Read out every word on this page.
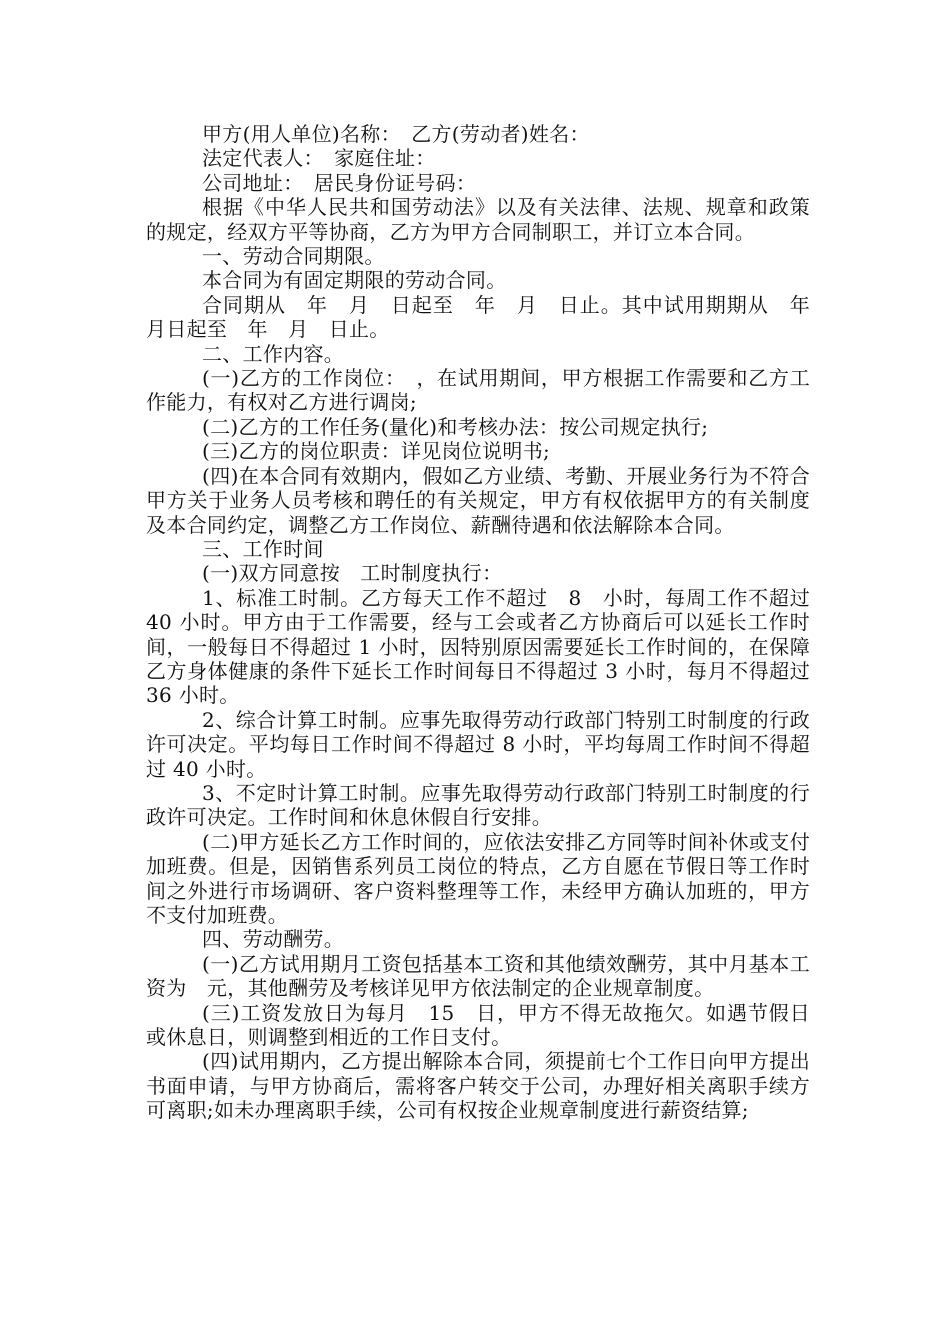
甲方(用人单位)名称：　乙方(劳动者)姓名：

法定代表人：　家庭住址：

公司地址：　居民身份证号码：

根据《中华人民共和国劳动法》以及有关法律、法规、规章和政策的规定，经双方平等协商，乙方为甲方合同制职工，并订立本合同。

一、劳动合同期限。

本合同为有固定期限的劳动合同。

合同期从　年　月　日起至　年　月　日止。其中试用期期从　年　月日起至　年　月　日止。

二、工作内容。

(一)乙方的工作岗位：　，在试用期间，甲方根据工作需要和乙方工作能力，有权对乙方进行调岗;

(二)乙方的工作任务(量化)和考核办法：按公司规定执行;

(三)乙方的岗位职责：详见岗位说明书;

(四)在本合同有效期内，假如乙方业绩、考勤、开展业务行为不符合甲方关于业务人员考核和聘任的有关规定，甲方有权依据甲方的有关制度及本合同约定，调整乙方工作岗位、薪酬待遇和依法解除本合同。

三、工作时间

(一)双方同意按　工时制度执行：

1、标准工时制。乙方每天工作不超过　8　小时，每周工作不超过　40 小时。甲方由于工作需要，经与工会或者乙方协商后可以延长工作时间，一般每日不得超过 1 小时，因特别原因需要延长工作时间的，在保障乙方身体健康的条件下延长工作时间每日不得超过 3 小时，每月不得超过 36 小时。

2、综合计算工时制。应事先取得劳动行政部门特别工时制度的行政许可决定。平均每日工作时间不得超过 8 小时，平均每周工作时间不得超过 40 小时。

3、不定时计算工时制。应事先取得劳动行政部门特别工时制度的行政许可决定。工作时间和休息休假自行安排。

(二)甲方延长乙方工作时间的，应依法安排乙方同等时间补休或支付加班费。但是，因销售系列员工岗位的特点，乙方自愿在节假日等工作时间之外进行市场调研、客户资料整理等工作，未经甲方确认加班的，甲方不支付加班费。

四、劳动酬劳。

(一)乙方试用期月工资包括基本工资和其他绩效酬劳，其中月基本工资为　元，其他酬劳及考核详见甲方依法制定的企业规章制度。

(三)工资发放日为每月　15　日，甲方不得无故拖欠。如遇节假日或休息日，则调整到相近的工作日支付。

(四)试用期内，乙方提出解除本合同，须提前七个工作日向甲方提出书面申请，与甲方协商后，需将客户转交于公司，办理好相关离职手续方可离职;如未办理离职手续，公司有权按企业规章制度进行薪资结算;
